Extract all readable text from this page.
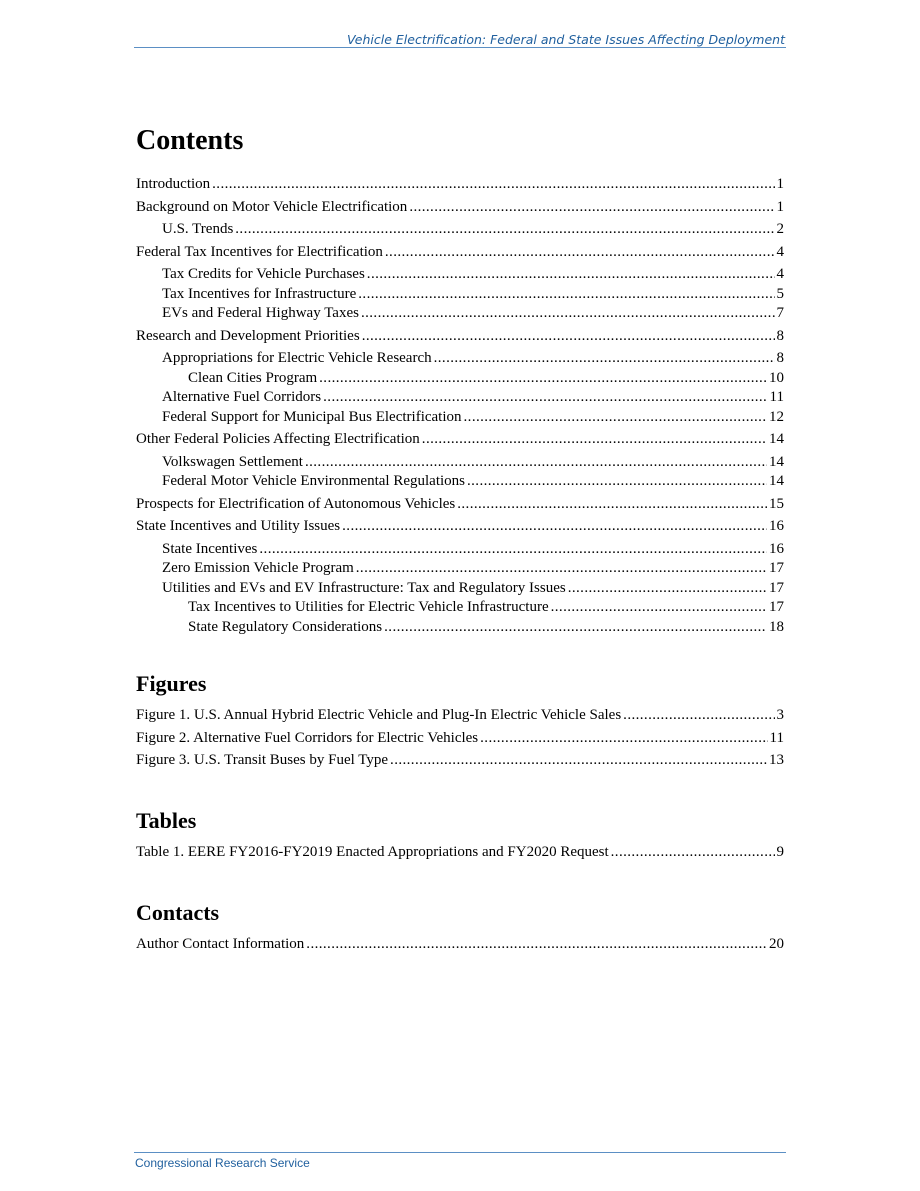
Vehicle Electrification: Federal and State Issues Affecting Deployment
Contents
Introduction .....	1
Background on Motor Vehicle Electrification .....	1
U.S. Trends .....	2
Federal Tax Incentives for Electrification .....	4
Tax Credits for Vehicle Purchases .....	4
Tax Incentives for Infrastructure .....	5
EVs and Federal Highway Taxes .....	7
Research and Development Priorities .....	8
Appropriations for Electric Vehicle Research .....	8
Clean Cities Program .....	10
Alternative Fuel Corridors .....	11
Federal Support for Municipal Bus Electrification .....	12
Other Federal Policies Affecting Electrification .....	14
Volkswagen Settlement .....	14
Federal Motor Vehicle Environmental Regulations .....	14
Prospects for Electrification of Autonomous Vehicles .....	15
State Incentives and Utility Issues .....	16
State Incentives .....	16
Zero Emission Vehicle Program .....	17
Utilities and EVs and EV Infrastructure: Tax and Regulatory Issues .....	17
Tax Incentives to Utilities for Electric Vehicle Infrastructure .....	17
State Regulatory Considerations .....	18
Figures
Figure 1. U.S. Annual Hybrid Electric Vehicle and Plug-In Electric Vehicle Sales .....	3
Figure 2. Alternative Fuel Corridors for Electric Vehicles .....	11
Figure 3. U.S. Transit Buses by Fuel Type .....	13
Tables
Table 1. EERE FY2016-FY2019 Enacted Appropriations and FY2020 Request .....	9
Contacts
Author Contact Information .....	20
Congressional Research Service
